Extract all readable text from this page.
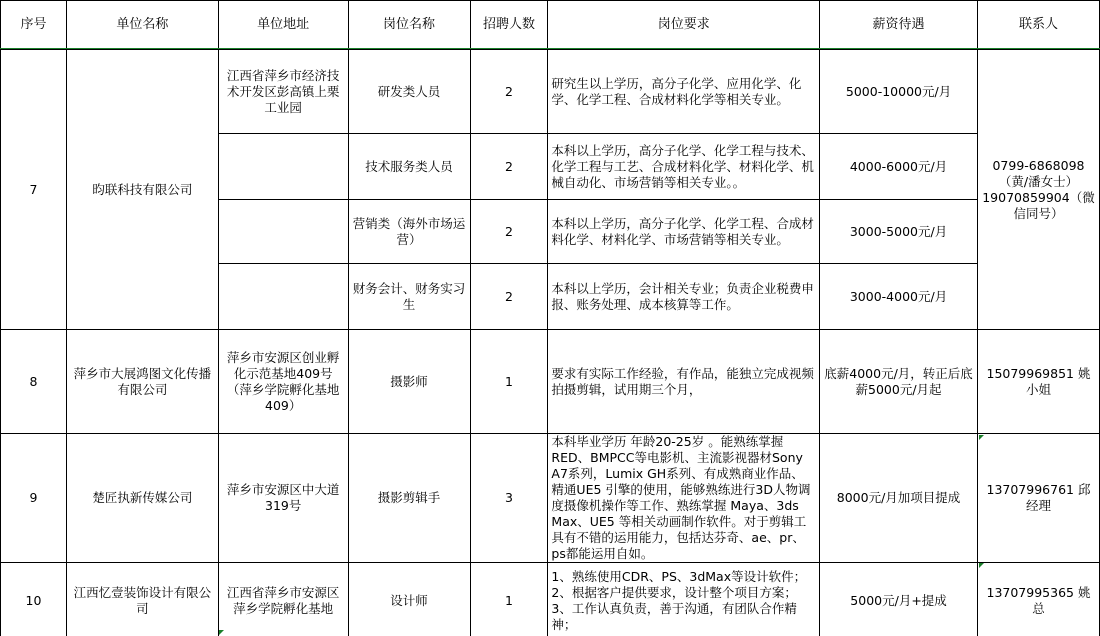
序号	单位名称	单位地址	岗位名称	招聘人数	岗位要求	薪资待遇	联系人
7	昀联科技有限公司	江西省萍乡市经济技术开发区彭高镇上栗工业园	研发类人员	2	研究生以上学历，高分子化学、应用化学、化学、化学工程、合成材料化学等相关专业。	5000-10000元/月	0799-6868098（黄/潘女士）19070859904（微信同号）
			技术服务类人员	2	本科以上学历，高分子化学、化学工程与技术、化学工程与工艺、合成材料化学、材料化学、机械自动化、市场营销等相关专业。。	4000-6000元/月	
			营销类（海外市场运营）	2	本科以上学历，高分子化学、化学工程、合成材料化学、材料化学、市场营销等相关专业。	3000-5000元/月	
			财务会计、财务实习生	2	本科以上学历，会计相关专业；负责企业税费申报、账务处理、成本核算等工作。	3000-4000元/月	
8	萍乡市大展鸿图文化传播有限公司	萍乡市安源区创业孵化示范基地409号（萍乡学院孵化基地409）	摄影师	1	要求有实际工作经验，有作品，能独立完成视频拍摄剪辑，试用期三个月，	底薪4000元/月，转正后底薪5000元/月起	15079969851 姚小姐
9	楚匠执新传媒公司	萍乡市安源区中大道319号	摄影剪辑手	3	本科毕业学历 年龄20-25岁 。能熟练掌握RED、BMPCC等电影机、主流影视器材Sony A7系列，Lumix GH系列、有成熟商业作品、精通UE5 引擎的使用，能够熟练进行3D人物调度摄像机操作等工作、熟练掌握 Maya、3ds Max、UE5 等相关动画制作软件。对于剪辑工具有不错的运用能力，包括达芬奇、ae、pr、ps都能运用自如。	8000元/月加项目提成	13707996761 邱经理
10	江西忆壹装饰设计有限公司	江西省萍乡市安源区萍乡学院孵化基地	设计师	1	1、熟练使用CDR、PS、3dMax等设计软件；2、根据客户提供要求，设计整个项目方案；3、工作认真负责，善于沟通，有团队合作精神；	5000元/月+提成	13707995365 姚总
